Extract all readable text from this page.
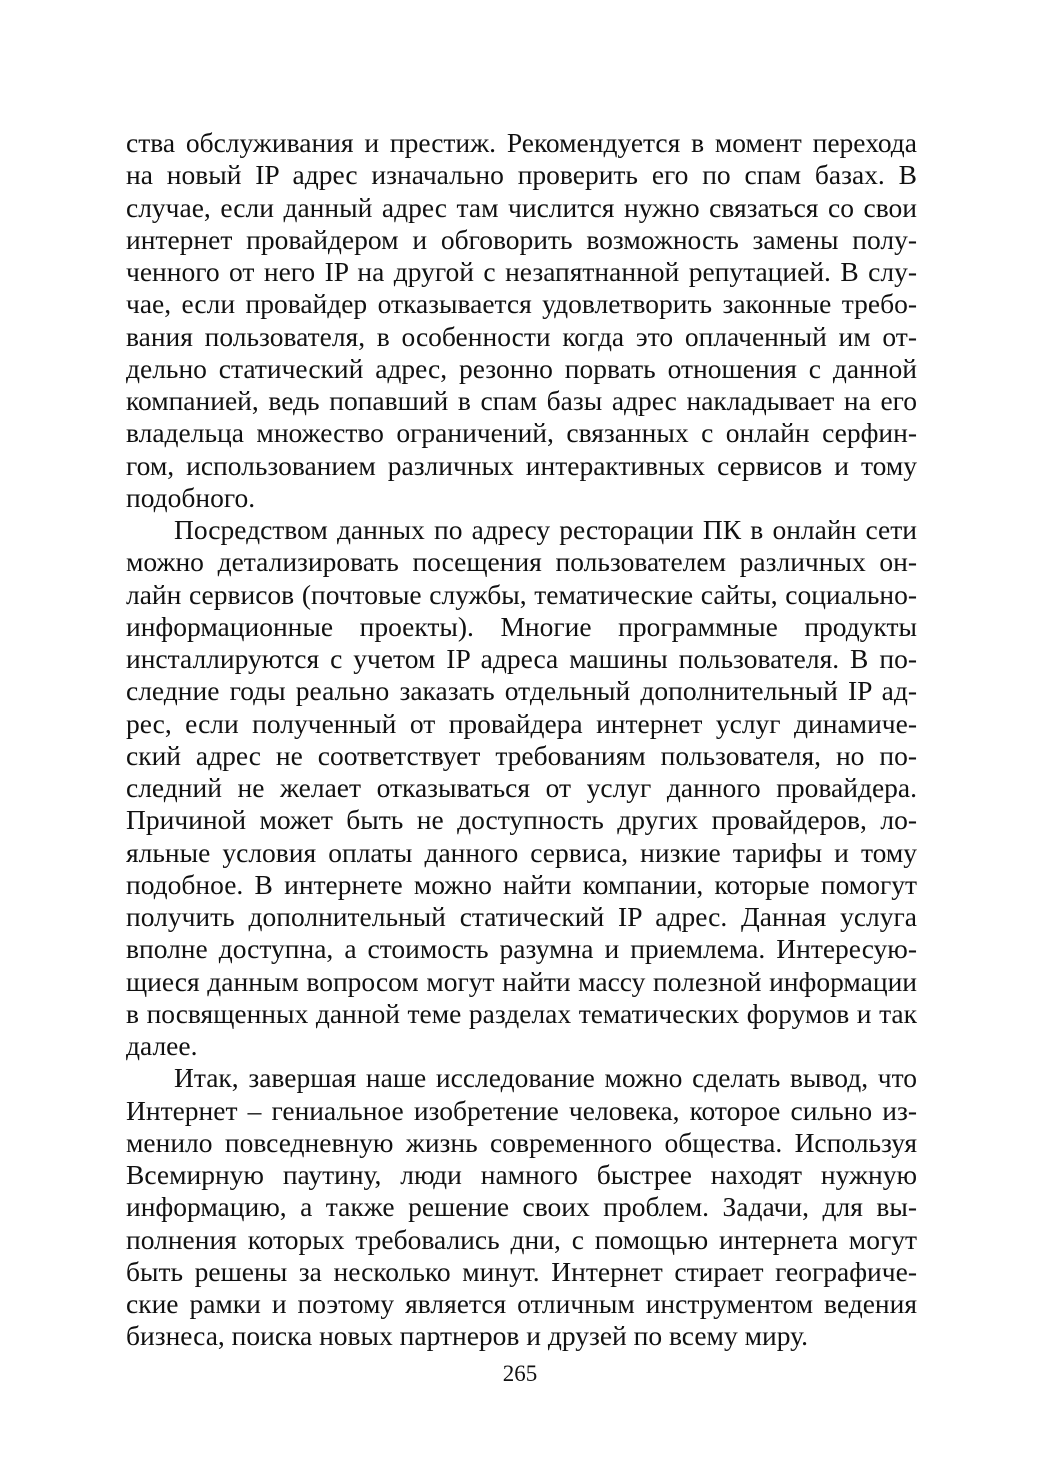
ства обслуживания и престиж. Рекомендуется в момент перехода на новый IP адрес изначально проверить его по спам базах. В случае, если данный адрес там числится нужно связаться со свои интернет провайдером и обговорить возможность замены полученного от него IP на другой с незапятнанной репутацией. В случае, если провайдер отказывается удовлетворить законные требования пользователя, в особенности когда это оплаченный им отдельно статический адрес, резонно порвать отношения с данной компанией, ведь попавший в спам базы адрес накладывает на его владельца множество ограничений, связанных с онлайн серфингом, использованием различных интерактивных сервисов и тому подобного.

Посредством данных по адресу ресторации ПК в онлайн сети можно детализировать посещения пользователем различных онлайн сервисов (почтовые службы, тематические сайты, социально-информационные проекты). Многие программные продукты инсталлируются с учетом IP адреса машины пользователя. В последние годы реально заказать отдельный дополнительный IP адрес, если полученный от провайдера интернет услуг динамический адрес не соответствует требованиям пользователя, но последний не желает отказываться от услуг данного провайдера. Причиной может быть не доступность других провайдеров, лояльные условия оплаты данного сервиса, низкие тарифы и тому подобное. В интернете можно найти компании, которые помогут получить дополнительный статический IP адрес. Данная услуга вполне доступна, а стоимость разумна и приемлема. Интересующиеся данным вопросом могут найти массу полезной информации в посвященных данной теме разделах тематических форумов и так далее.

Итак, завершая наше исследование можно сделать вывод, что Интернет – гениальное изобретение человека, которое сильно изменило повседневную жизнь современного общества. Используя Всемирную паутину, люди намного быстрее находят нужную информацию, а также решение своих проблем. Задачи, для выполнения которых требовались дни, с помощью интернета могут быть решены за несколько минут. Интернет стирает географические рамки и поэтому является отличным инструментом ведения бизнеса, поиска новых партнеров и друзей по всему миру.

265
